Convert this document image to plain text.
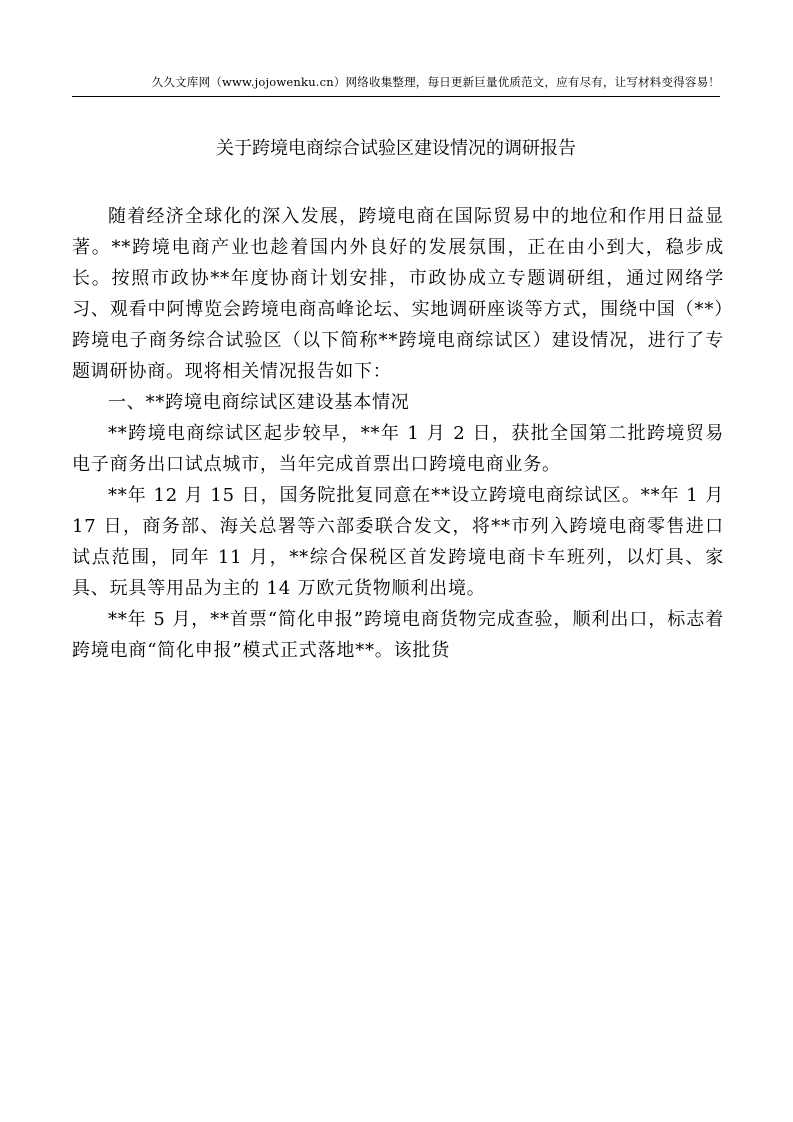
久久文库网（www.jojowenku.cn）网络收集整理，每日更新巨量优质范文，应有尽有，让写材料变得容易！
关于跨境电商综合试验区建设情况的调研报告

随着经济全球化的深入发展，跨境电商在国际贸易中的地位和作用日益显著。**跨境电商产业也趁着国内外良好的发展氛围，正在由小到大，稳步成长。按照市政协**年度协商计划安排，市政协成立专题调研组，通过网络学习、观看中阿博览会跨境电商高峰论坛、实地调研座谈等方式，围绕中国（**）跨境电子商务综合试验区（以下简称**跨境电商综试区）建设情况，进行了专题调研协商。现将相关情况报告如下：

一、**跨境电商综试区建设基本情况

**跨境电商综试区起步较早，**年 1 月 2 日，获批全国第二批跨境贸易电子商务出口试点城市，当年完成首票出口跨境电商业务。

**年 12 月 15 日，国务院批复同意在**设立跨境电商综试区。**年 1 月 17 日，商务部、海关总署等六部委联合发文，将**市列入跨境电商零售进口试点范围，同年 11 月，**综合保税区首发跨境电商卡车班列，以灯具、家具、玩具等用品为主的 14 万欧元货物顺利出境。

**年 5 月，**首票“简化申报”跨境电商货物完成查验，顺利出口，标志着跨境电商“简化申报”模式正式落地**。该批货
